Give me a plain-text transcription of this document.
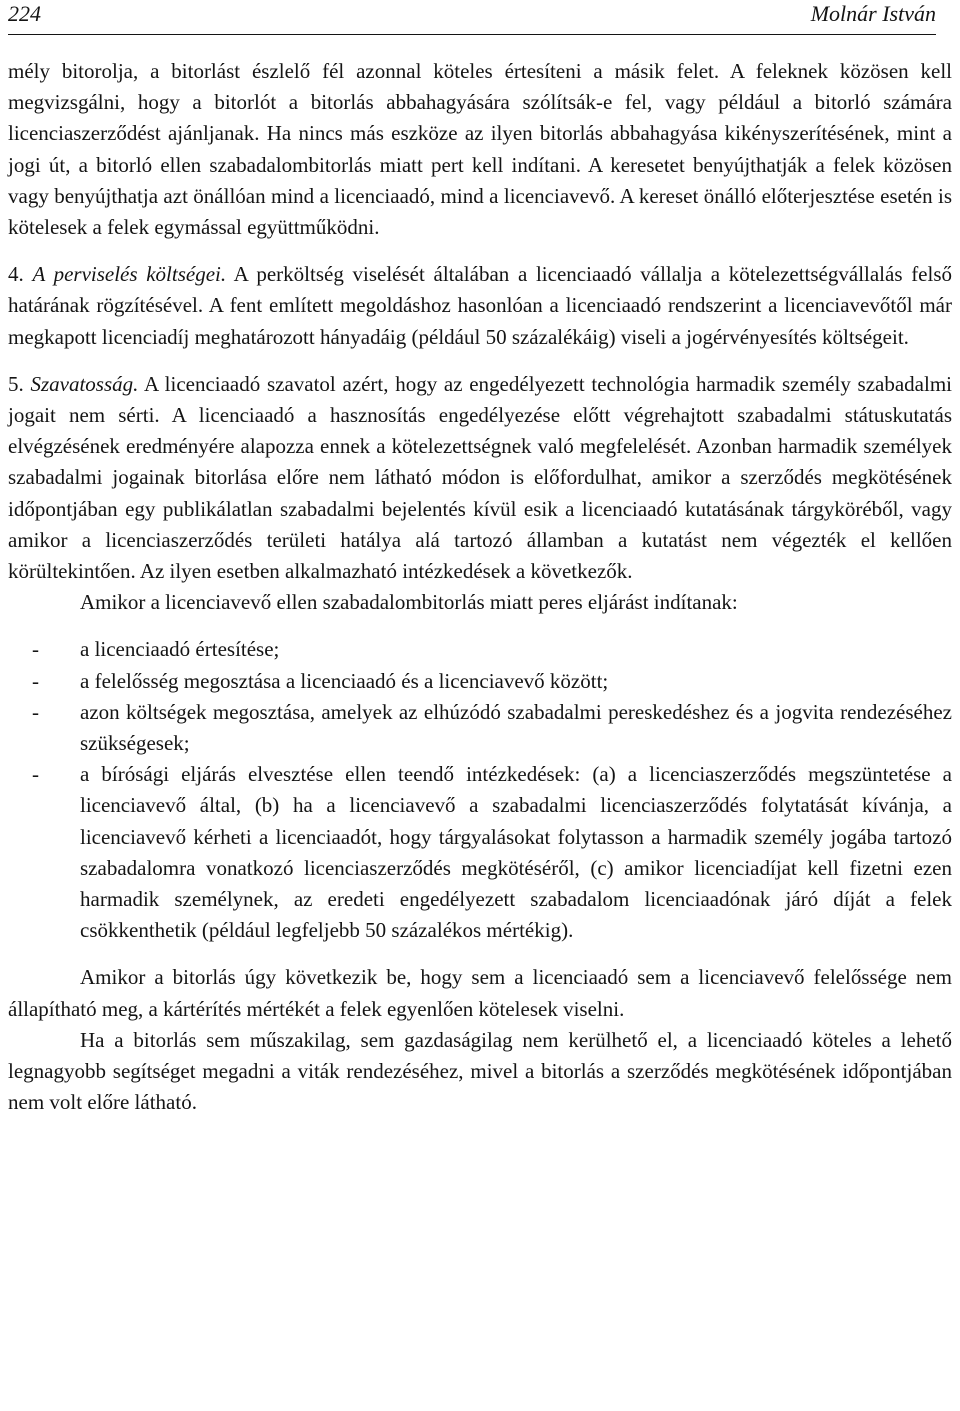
224	Molnár István

mély bitorolja, a bitorlást észlelő fél azonnal köteles értesíteni a másik felet. A feleknek közösen kell megvizsgálni, hogy a bitorlót a bitorlás abbahagyására szólítsák-e fel, vagy például a bitorló számára licenciaszerződést ajánljanak. Ha nincs más eszköze az ilyen bitorlás abbahagyása kikényszerítésének, mint a jogi út, a bitorló ellen szabadalombitorlás miatt pert kell indítani. A keresetet benyújthatják a felek közösen vagy benyújthatja azt önállóan mind a licenciaadó, mind a licenciavevő. A kereset önálló előterjesztése esetén is kötelesek a felek egymással együttműködni.

4. A perviselés költségei. A perköltség viselését általában a licenciaadó vállalja a kötelezettségvállalás felső határának rögzítésével. A fent említett megoldáshoz hasonlóan a licenciaadó rendszerint a licenciavevőtől már megkapott licenciadíj meghatározott hányadáig (például 50 százalékáig) viseli a jogérvényesítés költségeit.

5. Szavatosság. A licenciaadó szavatol azért, hogy az engedélyezett technológia harmadik személy szabadalmi jogait nem sérti. A licenciaadó a hasznosítás engedélyezése előtt végrehajtott szabadalmi státuskutatás elvégzésének eredményére alapozza ennek a kötelezettségnek való megfelelését. Azonban harmadik személyek szabadalmi jogainak bitorlása előre nem látható módon is előfordulhat, amikor a szerződés megkötésének időpontjában egy publikálatlan szabadalmi bejelentés kívül esik a licenciaadó kutatásának tárgyköréből, vagy amikor a licenciaszerződés területi hatálya alá tartozó államban a kutatást nem végezték el kellően körültekintően. Az ilyen esetben alkalmazható intézkedések a következők.

Amikor a licenciavevő ellen szabadalombitorlás miatt peres eljárást indítanak:

- a licenciaadó értesítése;
- a felelősség megosztása a licenciaadó és a licenciavevő között;
- azon költségek megosztása, amelyek az elhúzódó szabadalmi pereskedéshez és a jogvita rendezéséhez szükségesek;
- a bírósági eljárás elvesztése ellen teendő intézkedések: (a) a licenciaszerződés megszüntetése a licenciavevő által, (b) ha a licenciavevő a szabadalmi licenciaszerződés folytatását kívánja, a licenciavevő kérheti a licenciaadót, hogy tárgyalásokat folytasson a harmadik személy jogába tartozó szabadalomra vonatkozó licenciaszerződés megkötéséről, (c) amikor licenciadíjat kell fizetni ezen harmadik személynek, az eredeti engedélyezett szabadalom licenciaadónak járó díját a felek csökkenthetik (például legfeljebb 50 százalékos mértékig).

Amikor a bitorlás úgy következik be, hogy sem a licenciaadó sem a licenciavevő felelőssége nem állapítható meg, a kártérítés mértékét a felek egyenlően kötelesek viselni.

Ha a bitorlás sem műszakilag, sem gazdaságilag nem kerülhető el, a licenciaadó köteles a lehető legnagyobb segítséget megadni a viták rendezéséhez, mivel a bitorlás a szerződés megkötésének időpontjában nem volt előre látható.
